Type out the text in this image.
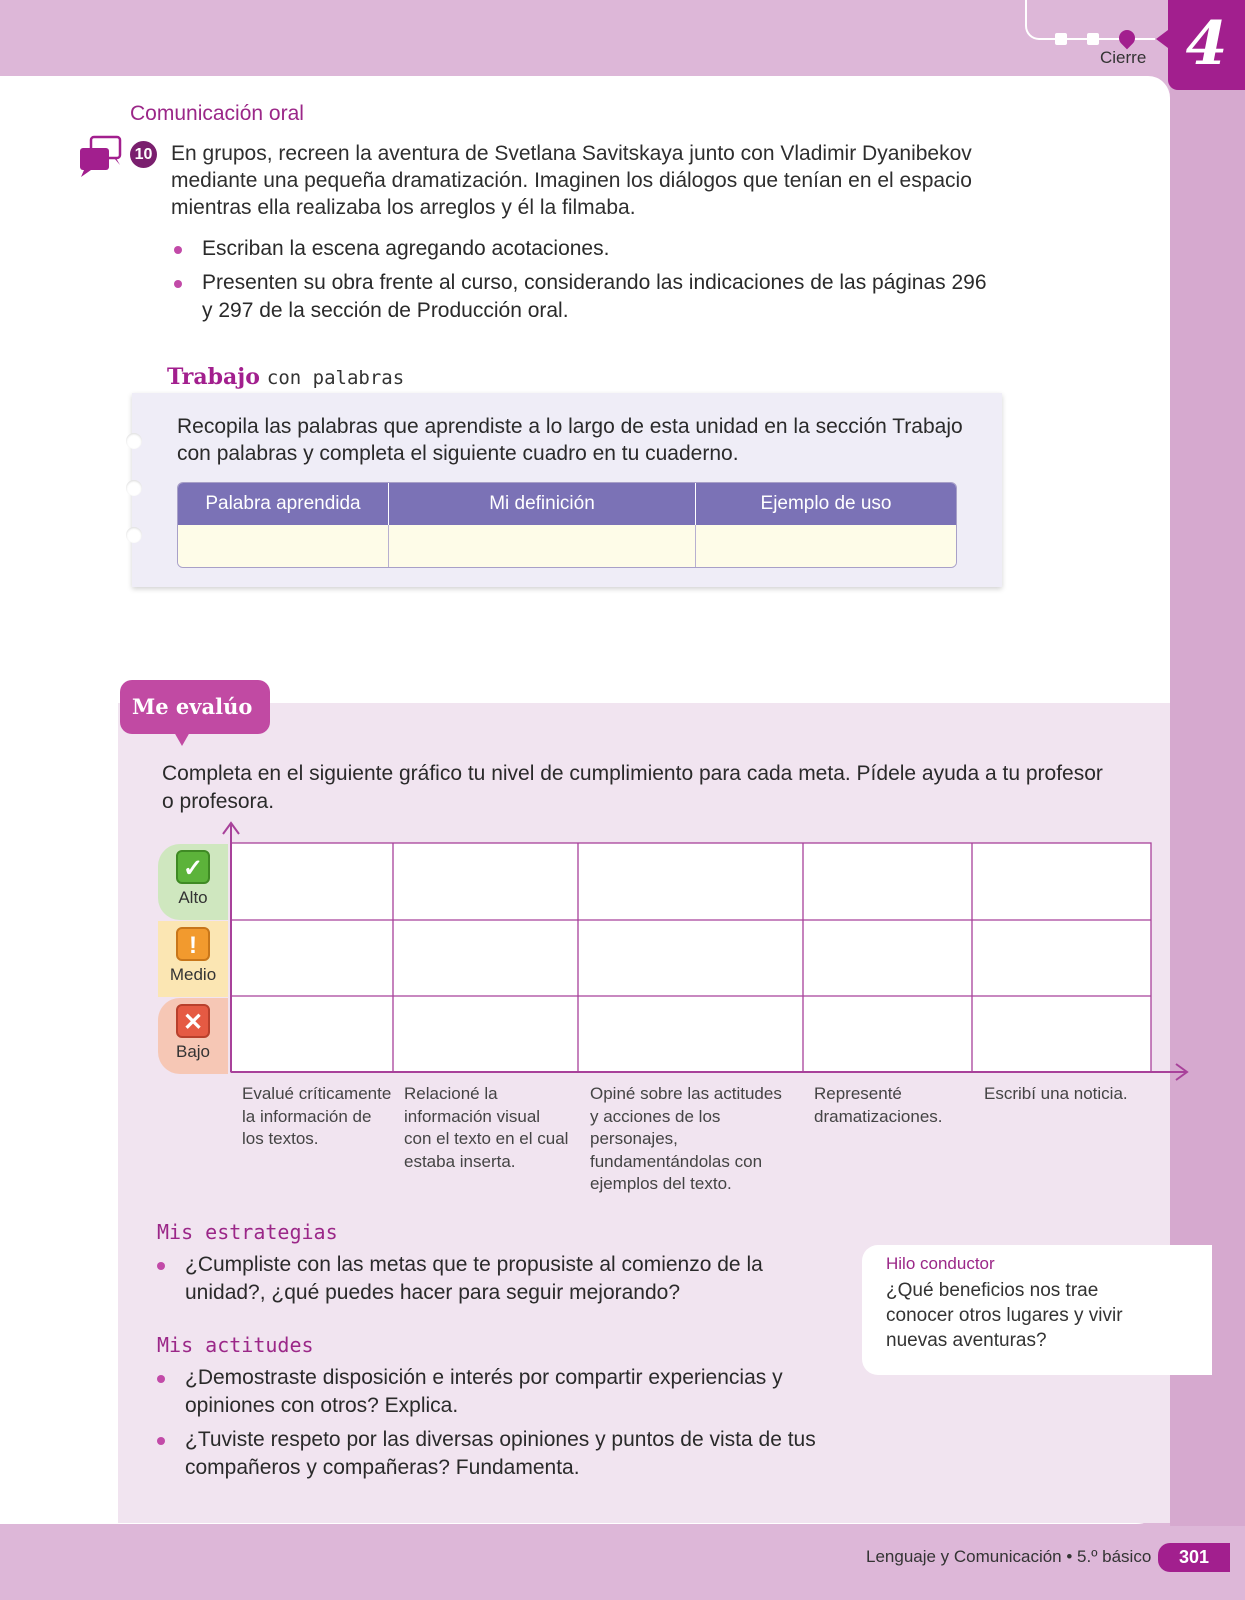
Cierre 4
Comunicación oral
10 En grupos, recreen la aventura de Svetlana Savitskaya junto con Vladimir Dyanibekov mediante una pequeña dramatización. Imaginen los diálogos que tenían en el espacio mientras ella realizaba los arreglos y él la filmaba.
Escriban la escena agregando acotaciones.
Presenten su obra frente al curso, considerando las indicaciones de las páginas 296 y 297 de la sección de Producción oral.
Trabajo con palabras
Recopila las palabras que aprendiste a lo largo de esta unidad en la sección Trabajo con palabras y completa el siguiente cuadro en tu cuaderno.
Palabra aprendida	Mi definición	Ejemplo de uso

Me evalúo
Completa en el siguiente gráfico tu nivel de cumplimiento para cada meta. Pídele ayuda a tu profesor o profesora.
✓
Alto
!
Medio
✕
Bajo
Evalué críticamente la información de los textos.
Relacioné la información visual con el texto en el cual estaba inserta.
Opiné sobre las actitudes y acciones de los personajes, fundamentándolas con ejemplos del texto.
Representé dramatizaciones.
Escribí una noticia.
Mis estrategias
¿Cumpliste con las metas que te propusiste al comienzo de la unidad?, ¿qué puedes hacer para seguir mejorando?
Mis actitudes
¿Demostraste disposición e interés por compartir experiencias y opiniones con otros? Explica.
¿Tuviste respeto por las diversas opiniones y puntos de vista de tus compañeros y compañeras? Fundamenta.
Hilo conductor
¿Qué beneficios nos trae conocer otros lugares y vivir nuevas aventuras?
Lenguaje y Comunicación • 5.º básico	301
